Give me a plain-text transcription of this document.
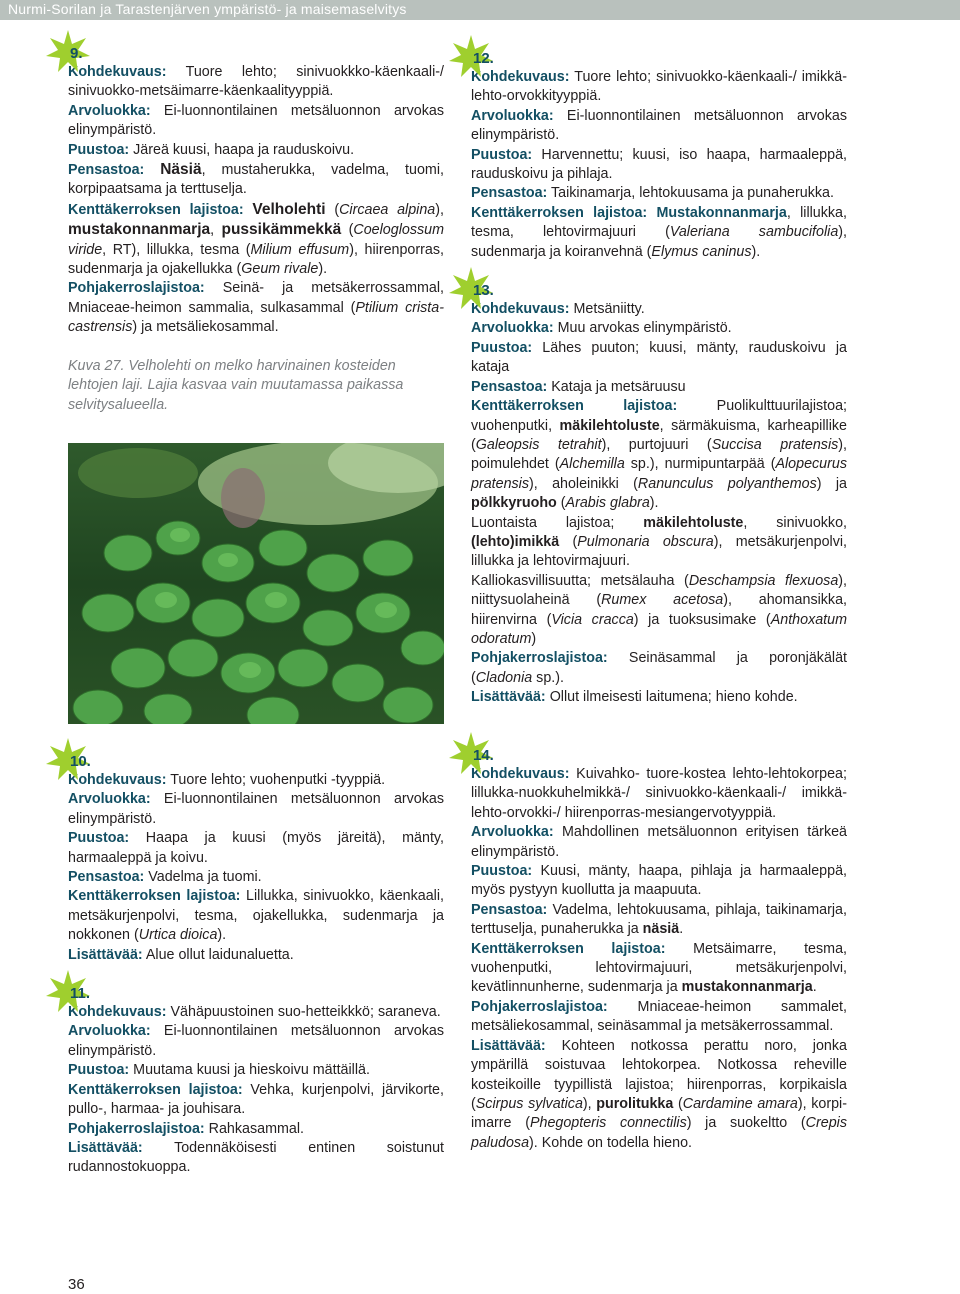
Nurmi-Sorilan ja Tarastenjärven ympäristö- ja maisemaselvitys
9.

Kohdekuvaus: Tuore lehto; sinivuokkko-käenkaali-/ sinivuokko-metsäimarre-käenkaalityyppiä.

Arvoluokka: Ei-luonnontilainen metsäluonnon arvokas elinympäristö.

Puustoa: Järeä kuusi, haapa ja rauduskoivu.

Pensastoa: Näsiä, mustaherukka, vadelma, tuomi, korpipaatsama ja terttuselja.

Kenttäkerroksen lajistoa: Velholehti (Circaea alpina), mustakonnanmarja, pussikämmekkä (Coeloglossum viride, RT), lillukka, tesma (Milium effusum), hiirenporras, sudenmarja ja ojakellukka (Geum rivale).

Pohjakerroslajistoa: Seinä- ja metsäkerrossammal, Mniaceae-heimon sammalia, sulkasammal (Ptilium crista-castrensis) ja metsäliekosammal.

Kuva 27. Velholehti on melko harvinainen kosteiden lehtojen laji. Lajia kasvaa vain muutamassa paikassa selvitysalueella.

10.

Kohdekuvaus: Tuore lehto; vuohenputki -tyyppiä.

Arvoluokka: Ei-luonnontilainen metsäluonnon arvokas elinympäristö.

Puustoa: Haapa ja kuusi (myös järeitä), mänty, harmaaleppä ja koivu.

Pensastoa: Vadelma ja tuomi.

Kenttäkerroksen lajistoa: Lillukka, sinivuokko, käenkaali, metsäkurjenpolvi, tesma, ojakellukka, sudenmarja ja nokkonen (Urtica dioica).

Lisättävää: Alue ollut laidunaluetta.

11.

Kohdekuvaus: Vähäpuustoinen suo-hetteikkkö; saraneva.

Arvoluokka: Ei-luonnontilainen metsäluonnon arvokas elinympäristö.

Puustoa: Muutama kuusi ja hieskoivu mättäillä.

Kenttäkerroksen lajistoa: Vehka, kurjenpolvi, järvikorte, pullo-, harmaa- ja jouhisara.

Pohjakerroslajistoa: Rahkasammal.

Lisättävää: Todennäköisesti entinen soistunut rudannostokuoppa.

12.

Kohdekuvaus: Tuore lehto; sinivuokko-käenkaali-/ imikkä-lehto-orvokkityyppiä.

Arvoluokka: Ei-luonnontilainen metsäluonnon arvokas elinympäristö.

Puustoa: Harvennettu; kuusi, iso haapa, harmaaleppä, rauduskoivu ja pihlaja.

Pensastoa: Taikinamarja, lehtokuusama ja punaherukka.

Kenttäkerroksen lajistoa: Mustakonnanmarja, lillukka, tesma, lehtovirmajuuri (Valeriana sambucifolia), sudenmarja ja koiranvehnä (Elymus caninus).

13.

Kohdekuvaus: Metsäniitty.

Arvoluokka: Muu arvokas elinympäristö.

Puustoa: Lähes puuton; kuusi, mänty, rauduskoivu ja kataja

Pensastoa: Kataja ja metsäruusu

Kenttäkerroksen lajistoa:	Puolikulttuurilajistoa; vuohenputki, mäkilehtoluste, särmäkuisma, karheapillike (Galeopsis tetrahit), purtojuuri (Succisa pratensis), poimulehdet (Alchemilla sp.), nurmipuntarpää (Alopecurus pratensis), aholeinikki (Ranunculus polyanthemos) ja pölkkyruoho (Arabis glabra).

Luontaista lajistoa; mäkilehtoluste, sinivuokko, (lehto)imikkä (Pulmonaria obscura), metsäkurjenpolvi, lillukka ja lehtovirmajuuri.

Kalliokasvillisuutta; metsälauha (Deschampsia flexuosa), niittysuolaheinä (Rumex acetosa), ahomansikka, hiirenvirna (Vicia cracca) ja tuoksusimake (Anthoxatum odoratum)

Pohjakerroslajistoa: Seinäsammal ja poronjäkälät (Cladonia sp.).

Lisättävää: Ollut ilmeisesti laitumena; hieno kohde.

14.

Kohdekuvaus: Kuivahko- tuore-kostea lehto-lehtokorpea; lillukka-nuokkuhelmikkä-/ sinivuokko-käenkaali-/ imikkä-lehto-orvokki-/ hiirenporras-mesiangervotyyppiä.

Arvoluokka: Mahdollinen metsäluonnon erityisen tärkeä elinympäristö.

Puustoa: Kuusi, mänty, haapa, pihlaja ja harmaaleppä, myös pystyyn kuollutta ja maapuuta.

Pensastoa: Vadelma, lehtokuusama, pihlaja, taikinamarja, terttuselja, punaherukka ja näsiä.

Kenttäkerroksen lajistoa: Metsäimarre, tesma, vuohenputki, lehtovirmajuuri, metsäkurjenpolvi, kevätlinnunherne, sudenmarja ja mustakonnanmarja.

Pohjakerroslajistoa: Mniaceae-heimon sammalet, metsäliekosammal, seinäsammal ja metsäkerrossammal.

Lisättävää: Kohteen notkossa perattu noro, jonka ympärillä soistuvaa lehtokorpea. Notkossa reheville kosteikoille tyypillistä lajistoa; hiirenporras, korpikaisla (Scirpus sylvatica), purolitukka (Cardamine amara), korpi-imarre (Phegopteris connectilis) ja suokeltto (Crepis paludosa). Kohde on todella hieno.

36
